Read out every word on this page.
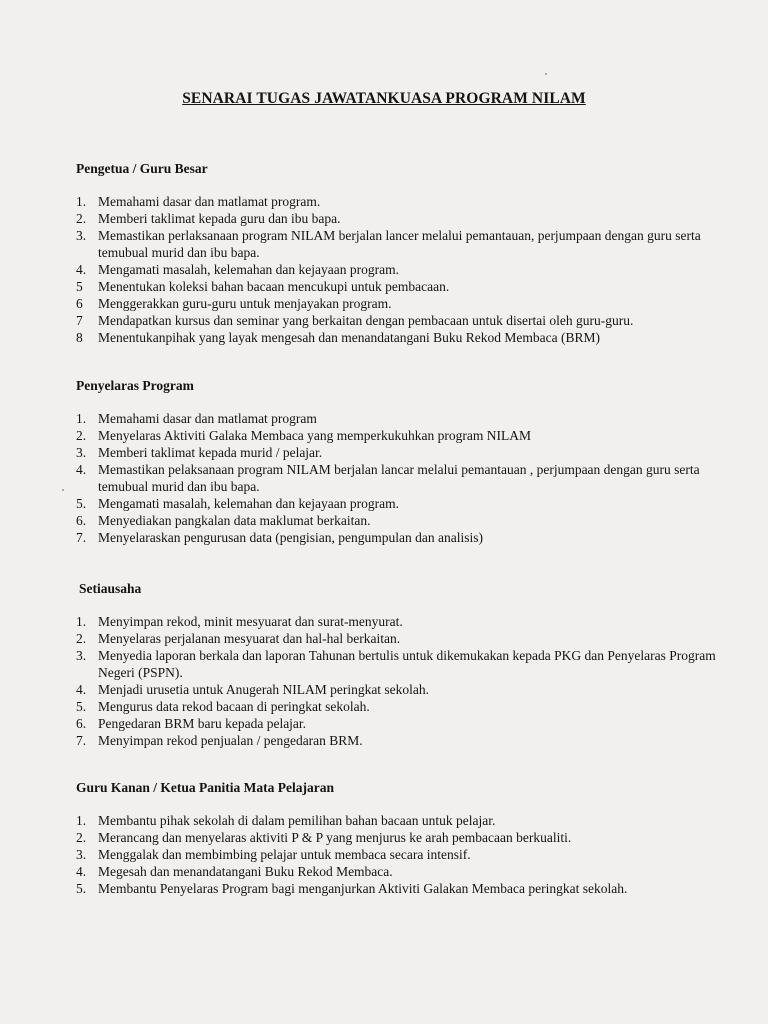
SENARAI TUGAS JAWATANKUASA PROGRAM NILAM
Pengetua / Guru Besar
1. Memahami dasar dan matlamat program.
2. Memberi taklimat kepada guru dan ibu bapa.
3. Memastikan perlaksanaan program NILAM berjalan lancer melalui pemantauan, perjumpaan dengan guru serta temubual murid dan ibu bapa.
4. Mengamati masalah, kelemahan dan kejayaan program.
5	Menentukan koleksi bahan bacaan mencukupi untuk pembacaan.
6	Menggerakkan guru-guru untuk menjayakan program.
7	Mendapatkan kursus dan seminar yang berkaitan dengan pembacaan untuk disertai oleh guru-guru.
8	Menentukanpihak yang layak mengesah dan menandatangani Buku Rekod Membaca (BRM)
Penyelaras Program
1. Memahami dasar dan matlamat program
2. Menyelaras Aktiviti Galaka Membaca yang memperkukuhkan program NILAM
3. Memberi taklimat kepada murid / pelajar.
4. Memastikan pelaksanaan program NILAM berjalan lancar melalui pemantauan , perjumpaan dengan guru serta temubual murid dan ibu bapa.
5. Mengamati masalah, kelemahan dan kejayaan program.
6. Menyediakan pangkalan data maklumat berkaitan.
7. Menyelaraskan pengurusan data (pengisian, pengumpulan dan analisis)
Setiausaha
1. Menyimpan rekod, minit mesyuarat dan surat-menyurat.
2. Menyelaras perjalanan mesyuarat dan hal-hal berkaitan.
3. Menyedia laporan berkala dan laporan Tahunan bertulis untuk dikemukakan kepada PKG dan Penyelaras Program Negeri (PSPN).
4. Menjadi urusetia untuk Anugerah NILAM peringkat sekolah.
5. Mengurus data rekod bacaan di peringkat sekolah.
6. Pengedaran BRM baru kepada pelajar.
7. Menyimpan rekod penjualan / pengedaran BRM.
Guru Kanan / Ketua Panitia Mata Pelajaran
1. Membantu pihak sekolah di dalam pemilihan bahan bacaan untuk pelajar.
2. Merancang dan menyelaras aktiviti P & P yang menjurus ke arah pembacaan berkualiti.
3. Menggalak dan membimbing pelajar untuk membaca secara intensif.
4. Megesah dan menandatangani Buku Rekod Membaca.
5. Membantu Penyelaras Program bagi menganjurkan Aktiviti Galakan Membaca peringkat sekolah.
